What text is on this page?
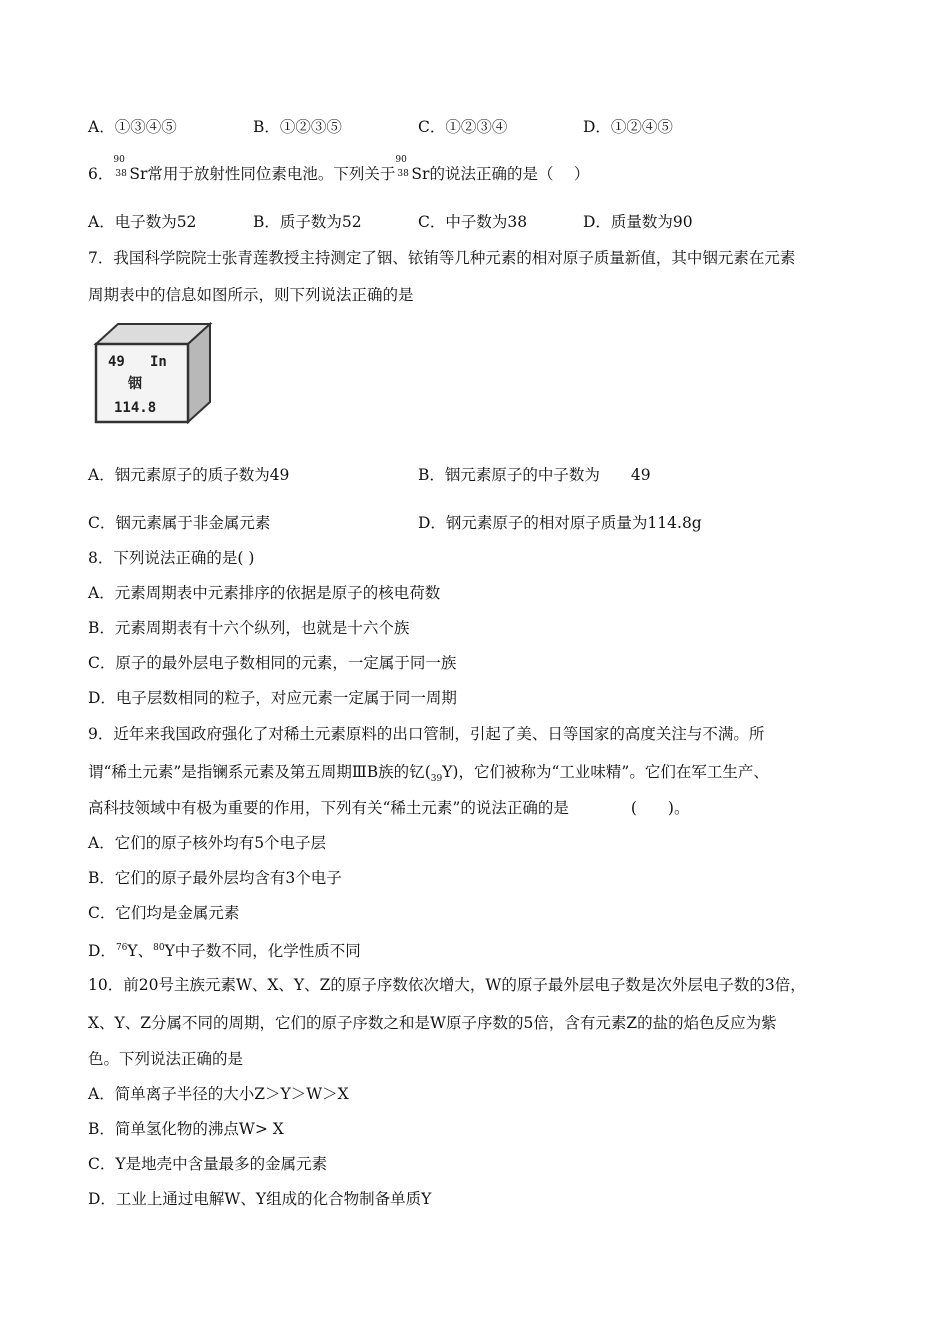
A．①③④⑤	B．①②③⑤	C．①②③④	D．①②④⑤
6．
90
38 Sr常用于放射性同位素电池。下列关于
90
38 Sr的说法正确的是（　 ）
A．电子数为52	B．质子数为52	C．中子数为38	D．质量数为90
7．我国科学院院士张青莲教授主持测定了铟、铱铕等几种元素的相对原子质量新值，其中铟元素在元素
周期表中的信息如图所示，则下列说法正确的是
49 In
铟
114.8
A．铟元素原子的质子数为49	B．铟元素原子的中子数为　　49
C．铟元素属于非金属元素	D．钢元素原子的相对原子质量为114.8g
8．下列说法正确的是( )
A．元素周期表中元素排序的依据是原子的核电荷数
B．元素周期表有十六个纵列，也就是十六个族
C．原子的最外层电子数相同的元素，一定属于同一族
D．电子层数相同的粒子，对应元素一定属于同一周期
9．近年来我国政府强化了对稀土元素原料的出口管制，引起了美、日等国家的高度关注与不满。所
谓“稀土元素”是指镧系元素及第五周期ⅢB族的钇$(_{39}Y)$，它们被称为“工业味精”。它们在军工生产、
高科技领域中有极为重要的作用，下列有关“稀土元素”的说法正确的是　　　　(　　)。
A．它们的原子核外均有5个电子层
B．它们的原子最外层均含有3个电子
C．它们均是金属元素
D．$^{76}$Y、$^{80}$Y中子数不同，化学性质不同
10．前20号主族元素W、X、Y、Z的原子序数依次增大，W的原子最外层电子数是次外层电子数的3倍，
X、Y、Z分属不同的周期，它们的原子序数之和是W原子序数的5倍，含有元素Z的盐的焰色反应为紫
色。下列说法正确的是
A．简单离子半径的大小Z＞Y＞W＞X
B．简单氢化物的沸点W> X
C．Y是地壳中含量最多的金属元素
D．工业上通过电解W、Y组成的化合物制备单质Y
